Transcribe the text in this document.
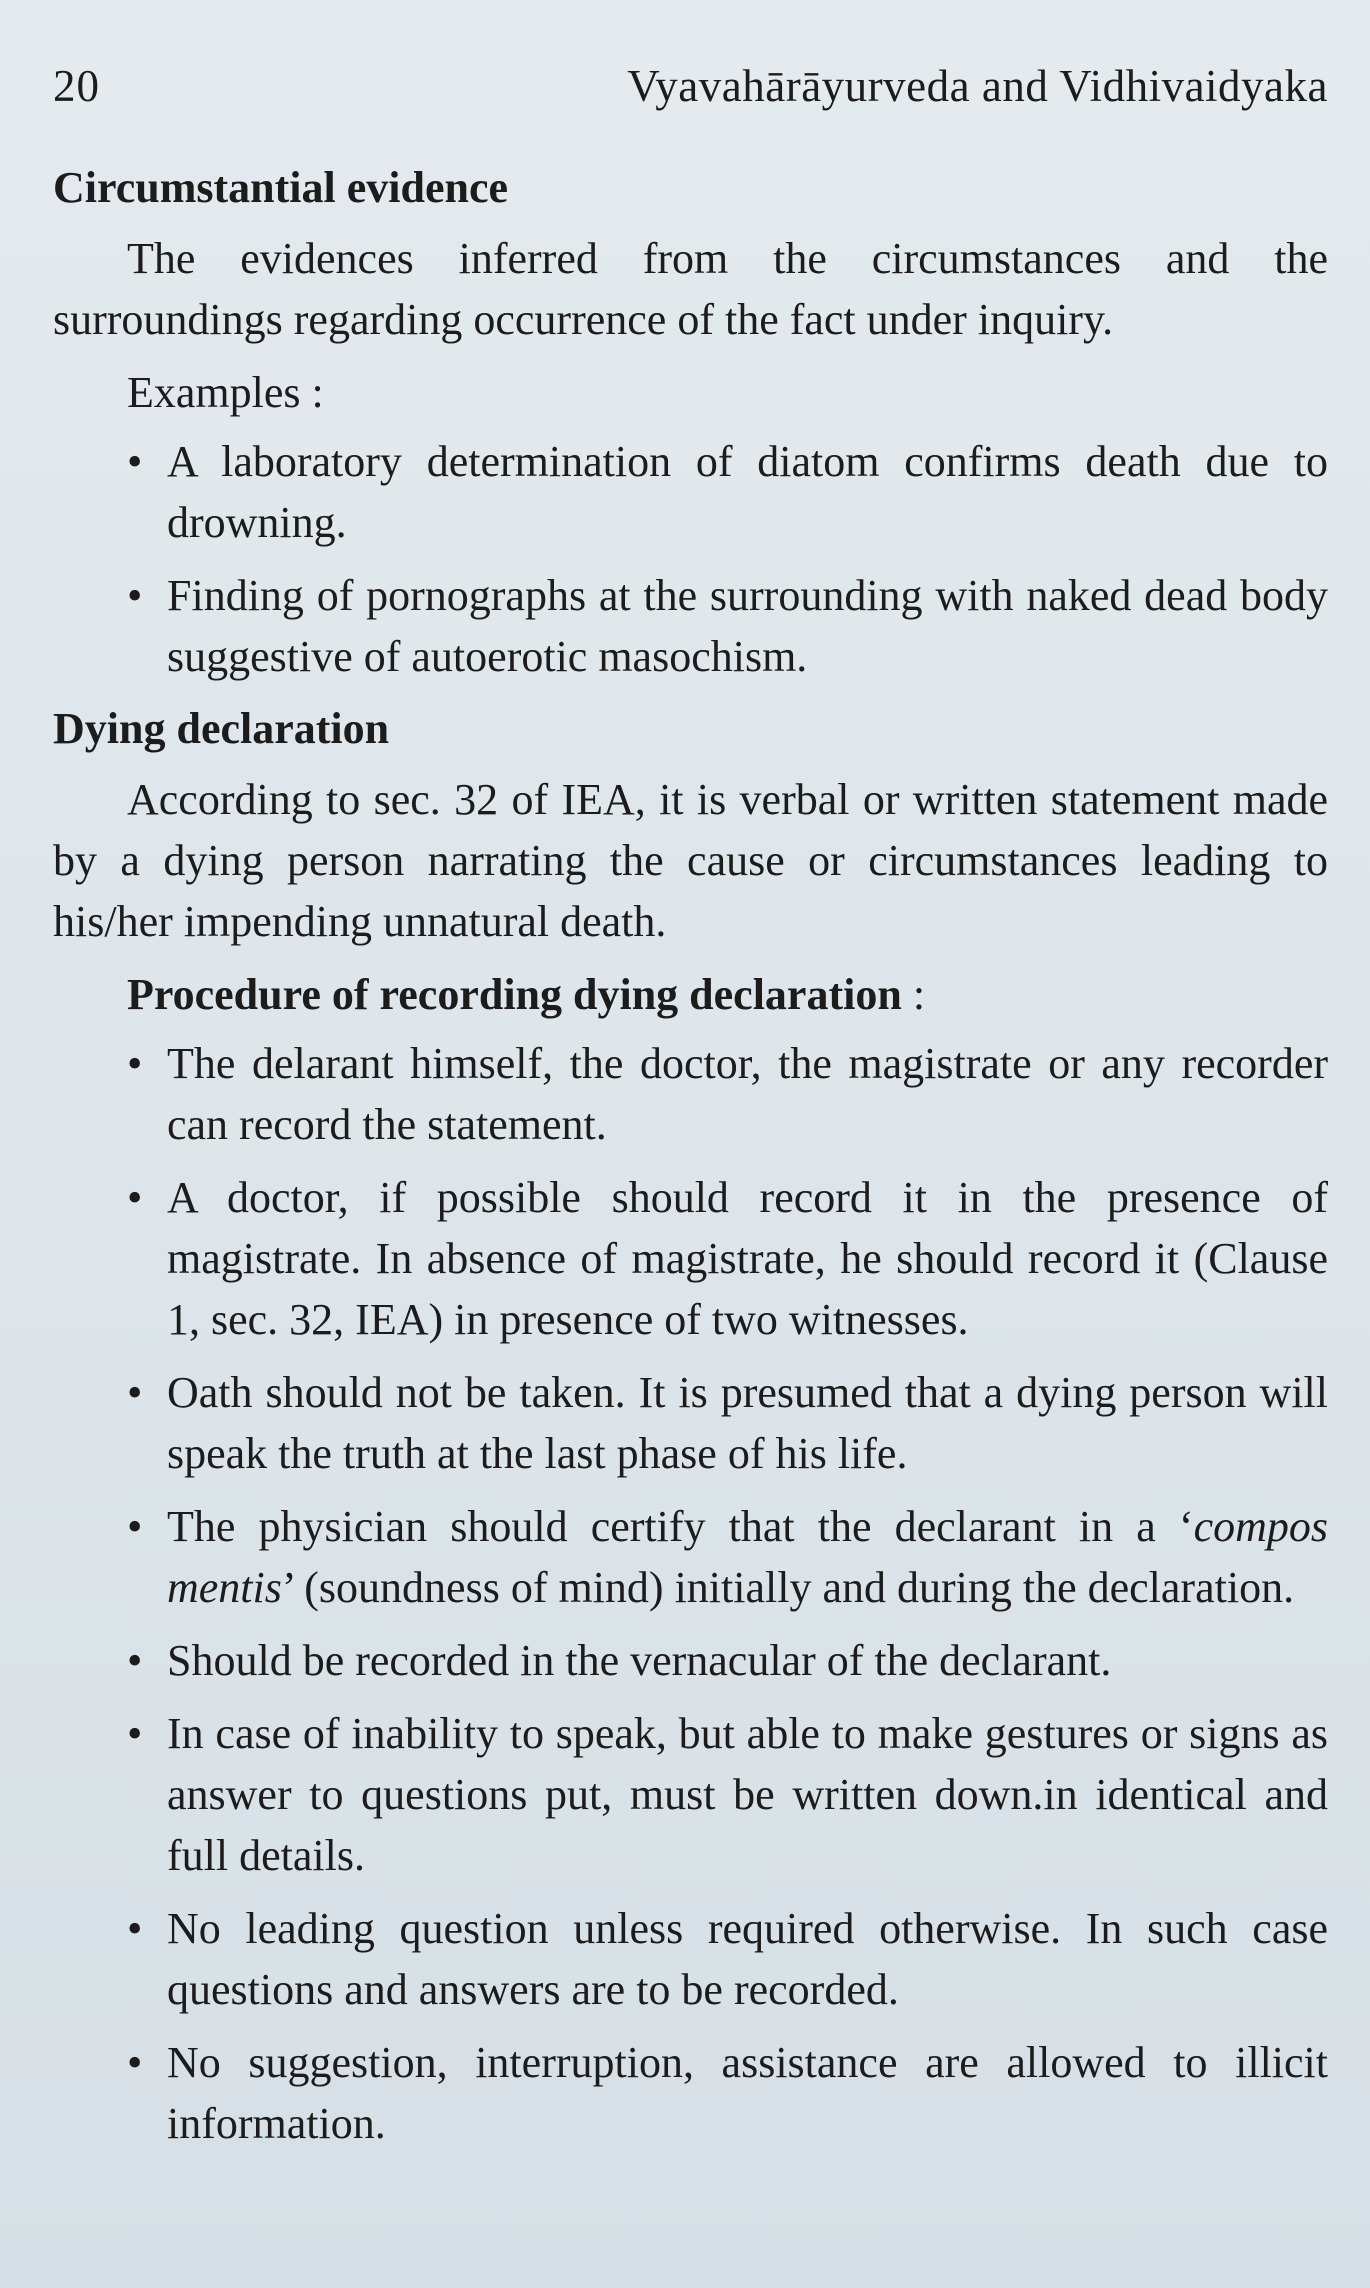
20	Vyavahārāyurveda and Vidhivaidyaka
Circumstantial evidence

The evidences inferred from the circumstances and the surroundings regarding occurrence of the fact under inquiry.

Examples :
• A laboratory determination of diatom confirms death due to drowning.
• Finding of pornographs at the surrounding with naked dead body suggestive of autoerotic masochism.
Dying declaration

According to sec. 32 of IEA, it is verbal or written statement made by a dying person narrating the cause or circumstances leading to his/her impending unnatural death.

Procedure of recording dying declaration :
• The delarant himself, the doctor, the magistrate or any recorder can record the statement.
• A doctor, if possible should record it in the presence of magistrate. In absence of magistrate, he should record it (Clause 1, sec. 32, IEA) in presence of two witnesses.
• Oath should not be taken. It is presumed that a dying person will speak the truth at the last phase of his life.
• The physician should certify that the declarant in a ‘compos mentis’ (soundness of mind) initially and during the declaration.
• Should be recorded in the vernacular of the declarant.
• In case of inability to speak, but able to make gestures or signs as answer to questions put, must be written down.in identical and full details.
• No leading question unless required otherwise. In such case questions and answers are to be recorded.
• No suggestion, interruption, assistance are allowed to illicit information.
